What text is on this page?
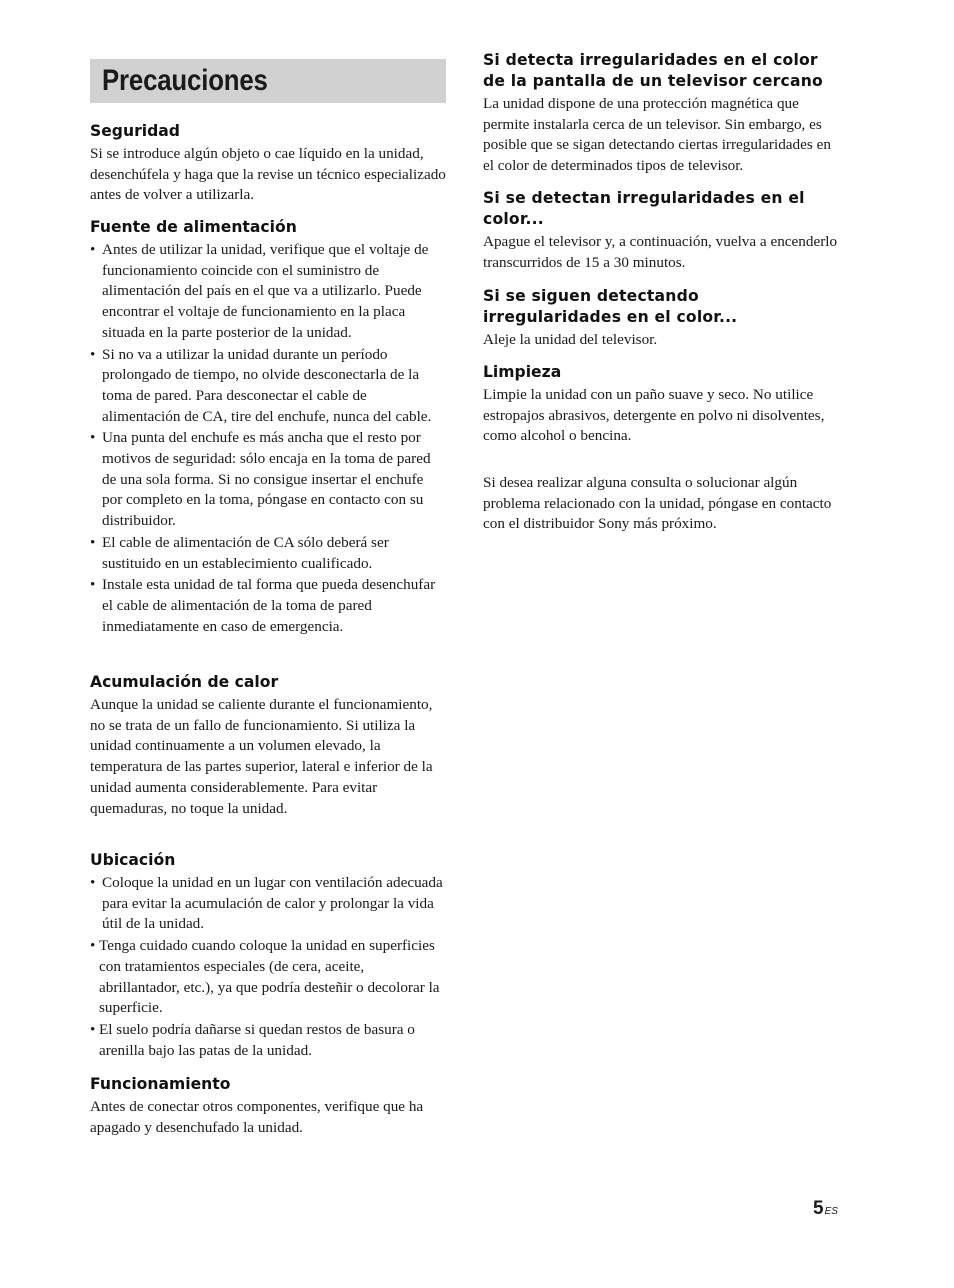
Precauciones
Seguridad

Si se introduce algún objeto o cae líquido en la unidad, desenchúfela y haga que la revise un técnico especializado antes de volver a utilizarla.

Fuente de alimentación
• Antes de utilizar la unidad, verifique que el voltaje de funcionamiento coincide con el suministro de alimentación del país en el que va a utilizarlo. Puede encontrar el voltaje de funcionamiento en la placa situada en la parte posterior de la unidad.
• Si no va a utilizar la unidad durante un período prolongado de tiempo, no olvide desconectarla de la toma de pared. Para desconectar el cable de alimentación de CA, tire del enchufe, nunca del cable.
• Una punta del enchufe es más ancha que el resto por motivos de seguridad: sólo encaja en la toma de pared de una sola forma. Si no consigue insertar el enchufe por completo en la toma, póngase en contacto con su distribuidor.
• El cable de alimentación de CA sólo deberá ser sustituido en un establecimiento cualificado.
• Instale esta unidad de tal forma que pueda desenchufar el cable de alimentación de la toma de pared inmediatamente en caso de emergencia.
Acumulación de calor

Aunque la unidad se caliente durante el funcionamiento, no se trata de un fallo de funcionamiento. Si utiliza la unidad continuamente a un volumen elevado, la temperatura de las partes superior, lateral e inferior de la unidad aumenta considerablemente. Para evitar quemaduras, no toque la unidad.

Ubicación
• Coloque la unidad en un lugar con ventilación adecuada para evitar la acumulación de calor y prolongar la vida útil de la unidad.
• Tenga cuidado cuando coloque la unidad en superficies con tratamientos especiales (de cera, aceite, abrillantador, etc.), ya que podría desteñir o decolorar la superficie.
• El suelo podría dañarse si quedan restos de basura o arenilla bajo las patas de la unidad.
Funcionamiento

Antes de conectar otros componentes, verifique que ha apagado y desenchufado la unidad.

Si detecta irregularidades en el color de la pantalla de un televisor cercano

La unidad dispone de una protección magnética que permite instalarla cerca de un televisor. Sin embargo, es posible que se sigan detectando ciertas irregularidades en el color de determinados tipos de televisor.

Si se detectan irregularidades en el color...

Apague el televisor y, a continuación, vuelva a encenderlo transcurridos de 15 a 30 minutos.

Si se siguen detectando irregularidades en el color...

Aleje la unidad del televisor.

Limpieza

Limpie la unidad con un paño suave y seco. No utilice estropajos abrasivos, detergente en polvo ni disolventes, como alcohol o bencina.

Si desea realizar alguna consulta o solucionar algún problema relacionado con la unidad, póngase en contacto con el distribuidor Sony más próximo.

$5^{ES}$
